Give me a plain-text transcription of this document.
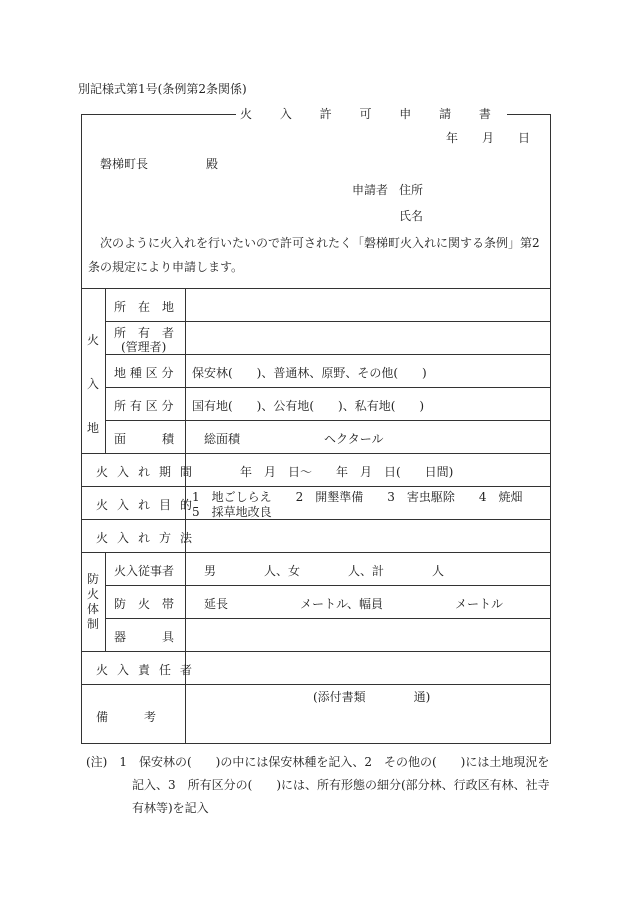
別記様式第1号(条例第2条関係)
火 入 許 可 申 請 書
年　　月　　日
磐梯町長	殿
申請者 住所
氏名
次のように火入れを行いたいので許可されたく「磐梯町火入れに関する条例」第2
条の規定により申請します。
火
入
地
所　在　地
所　有　者
(管理者)
地 種 区 分 保安林(　　)、普通林、原野、その他(　　)
所 有 区 分 国有地(　　)、公有地(　　)、私有地(　　)
面　　　積 総面積　　　　　　　ヘクタール
火入れ期間	年　月　日〜　　年　月　日(　　日間)
火入れ目的
1　地ごしらえ　　2　開墾準備　　3　害虫駆除　　4　焼畑
5　採草地改良
火入れ方法
防
火
体
制
火入従事者 男　　　　人、女　　　　人、計　　　　人
防　火　帯 延長　　　　　　メートル、幅員　　　　　　メートル
器　　　具
火入責任者
備　　　考
(添付書類　　　　通)
(注)　1　保安林の(　　)の中には保安林種を記入、2　その他の(　　)には土地現況を
記入、3　所有区分の(　　)には、所有形態の細分(部分林、行政区有林、社寺
有林等)を記入
